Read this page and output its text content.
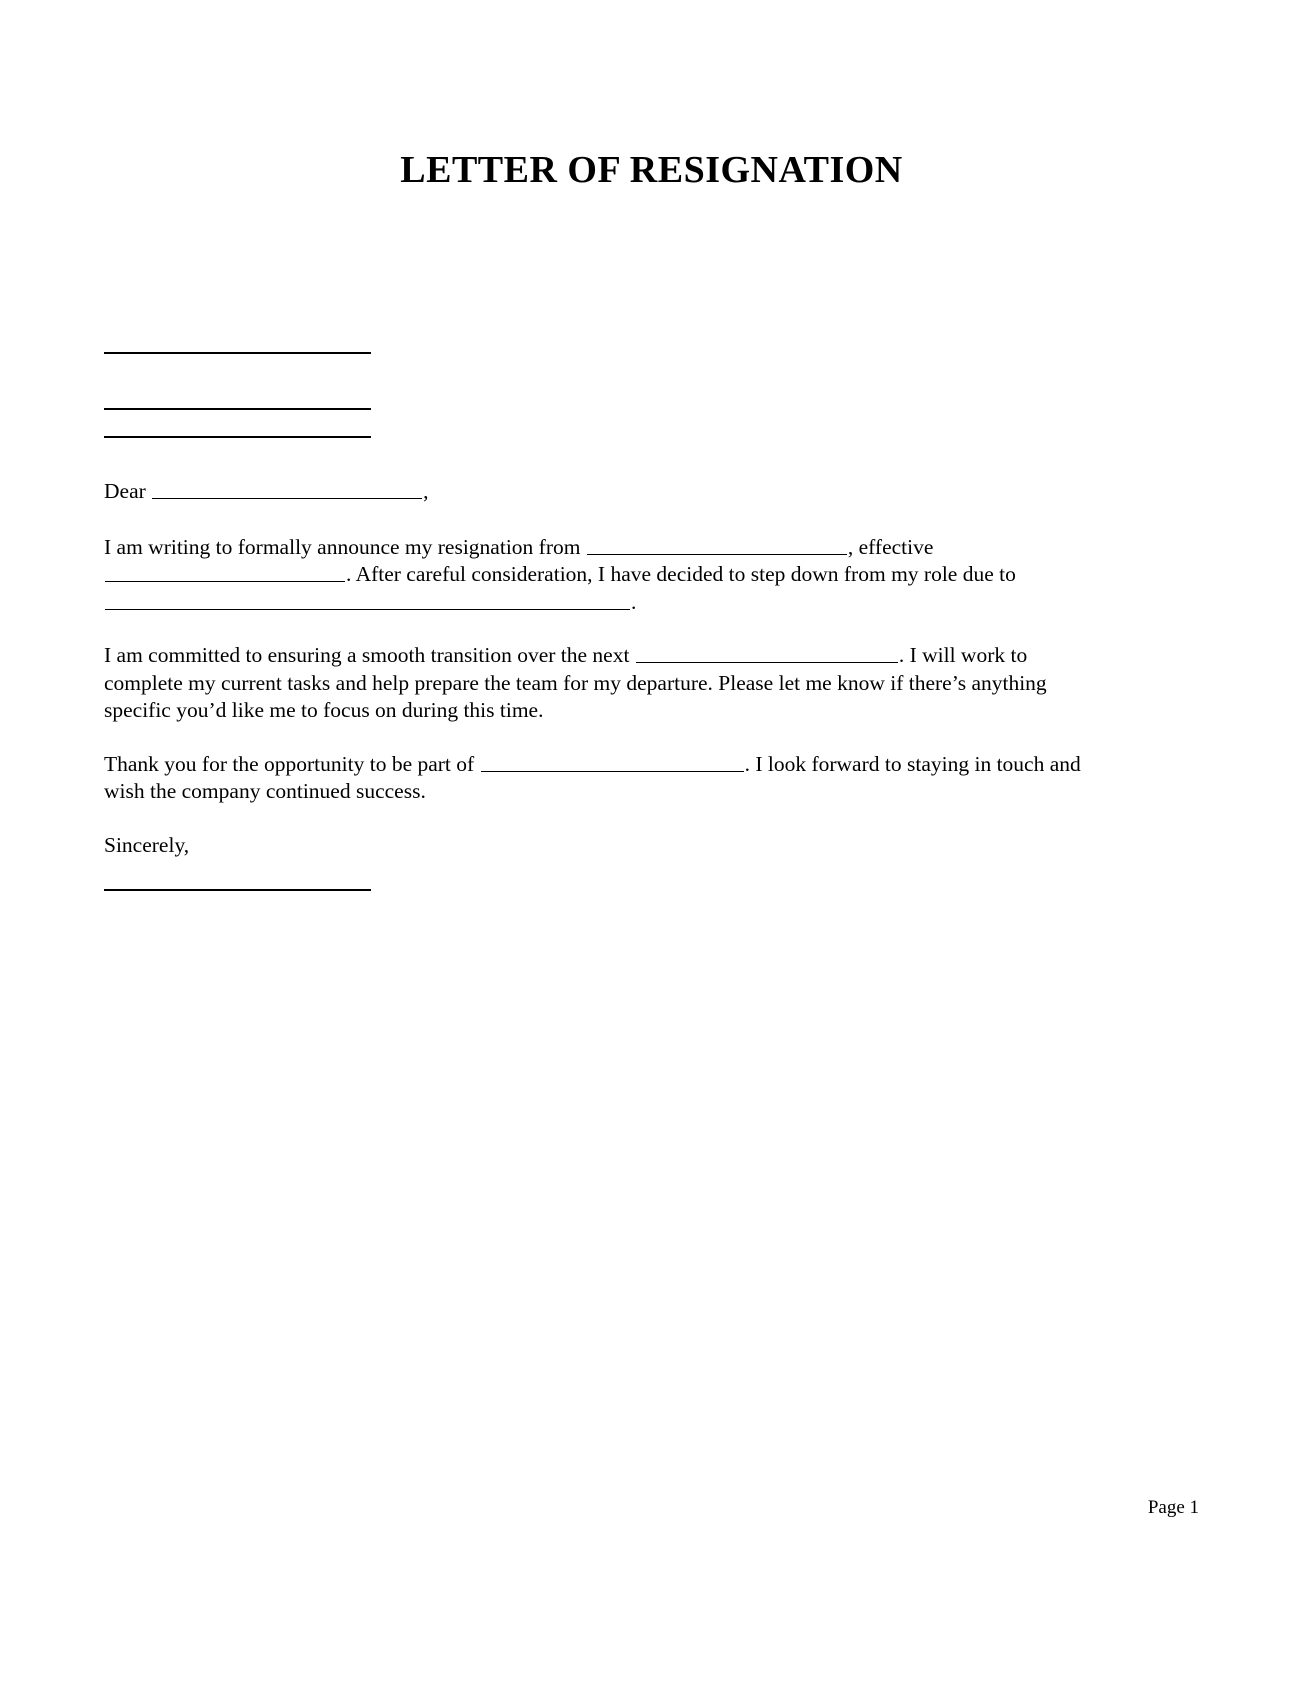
LETTER OF RESIGNATION

Dear	,

I am writing to formally announce my resignation from	, effective . After careful consideration, I have decided to step down from my role due to .

I am committed to ensuring a smooth transition over the next	. I will work to complete my current tasks and help prepare the team for my departure. Please let me know if there’s anything specific you’d like me to focus on during this time.

Thank you for the opportunity to be part of	. I look forward to staying in touch and wish the company continued success.

Sincerely,

Page 1
